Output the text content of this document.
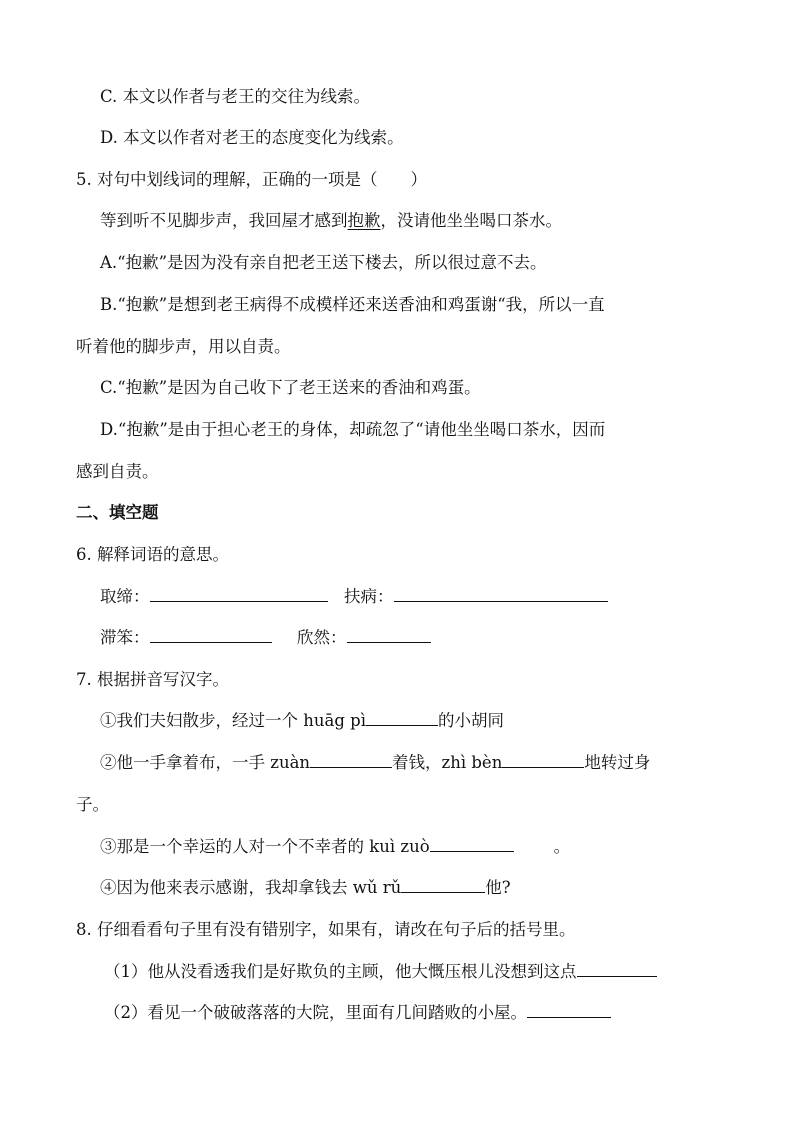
C. 本文以作者与老王的交往为线索。
D. 本文以作者对老王的态度变化为线索。
5. 对句中划线词的理解，正确的一项是（　　）
等到听不见脚步声，我回屋才感到抱歉，没请他坐坐喝口茶水。
A.“抱歉”是因为没有亲自把老王送下楼去，所以很过意不去。
B.“抱歉”是想到老王病得不成模样还来送香油和鸡蛋谢“我，所以一直
听着他的脚步声，用以自责。
C.“抱歉”是因为自己收下了老王送来的香油和鸡蛋。
D.“抱歉”是由于担心老王的身体，却疏忽了“请他坐坐喝口茶水，因而
感到自责。
二、填空题
6. 解释词语的意思。
取缔：	扶病：
滞笨：	欣然：
7. 根据拼音写汉字。
①我们夫妇散步，经过一个 huāg pì	的小胡同
②他一手拿着布，一手 zuàn	着钱，zhì bèn	地转过身
子。
③那是一个幸运的人对一个不幸者的 kuì zuò	。
④因为他来表示感谢，我却拿钱去 wǔ rǔ	他?
8. 仔细看看句子里有没有错别字，如果有，请改在句子后的括号里。
（1）他从没看透我们是好欺负的主顾，他大慨压根儿没想到这点
（2）看见一个破破落落的大院，里面有几间踏败的小屋。
